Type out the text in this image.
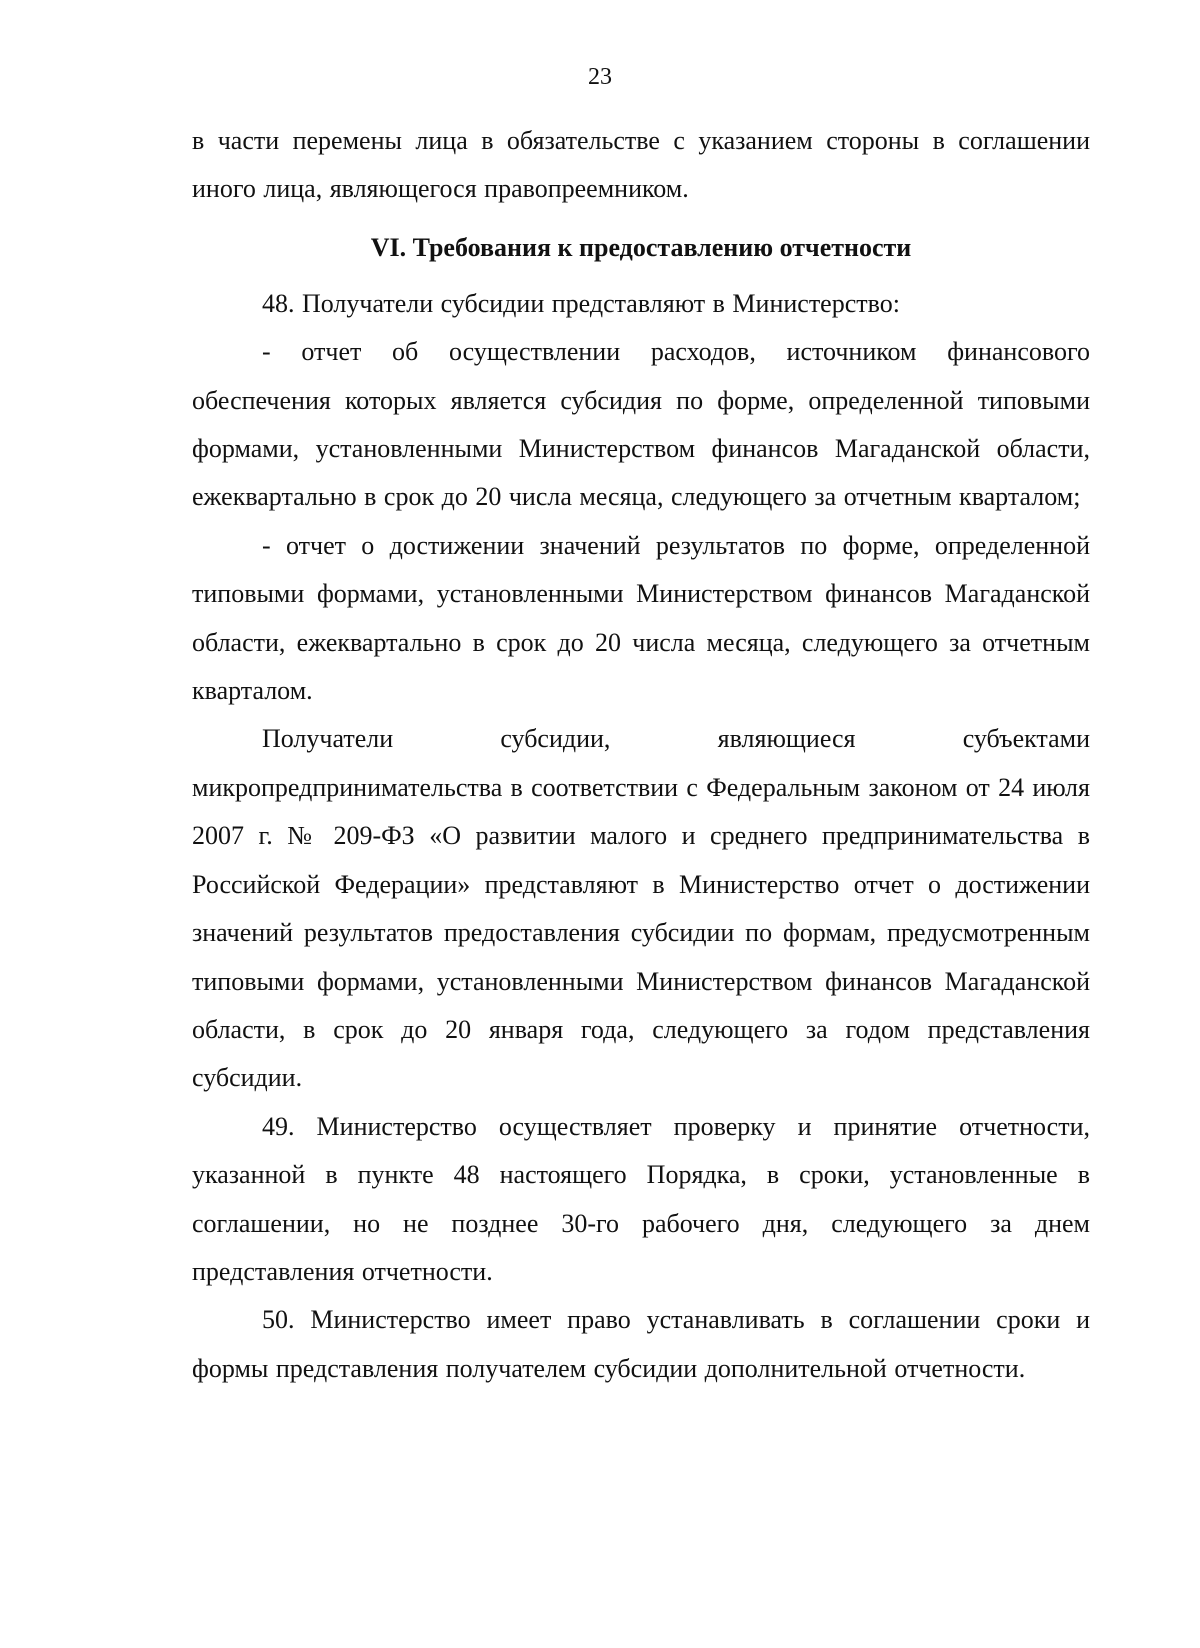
23

в части перемены лица в обязательстве с указанием стороны в соглашении иного лица, являющегося правопреемником.

VI. Требования к предоставлению отчетности

48. Получатели субсидии представляют в Министерство:

- отчет об осуществлении расходов, источником финансового обеспечения которых является субсидия по форме, определенной типовыми формами, установленными Министерством финансов Магаданской области, ежеквартально в срок до 20 числа месяца, следующего за отчетным кварталом;

- отчет о достижении значений результатов по форме, определенной типовыми формами, установленными Министерством финансов Магаданской области, ежеквартально в срок до 20 числа месяца, следующего за отчетным кварталом.

Получатели субсидии, являющиеся субъектами микропредпринимательства в соответствии с Федеральным законом от 24 июля 2007 г. № 209-ФЗ «О развитии малого и среднего предпринимательства в Российской Федерации» представляют в Министерство отчет о достижении значений результатов предоставления субсидии по формам, предусмотренным типовыми формами, установленными Министерством финансов Магаданской области, в срок до 20 января года, следующего за годом представления субсидии.

49. Министерство осуществляет проверку и принятие отчетности, указанной в пункте 48 настоящего Порядка, в сроки, установленные в соглашении, но не позднее 30-го рабочего дня, следующего за днем представления отчетности.

50. Министерство имеет право устанавливать в соглашении сроки и формы представления получателем субсидии дополнительной отчетности.
